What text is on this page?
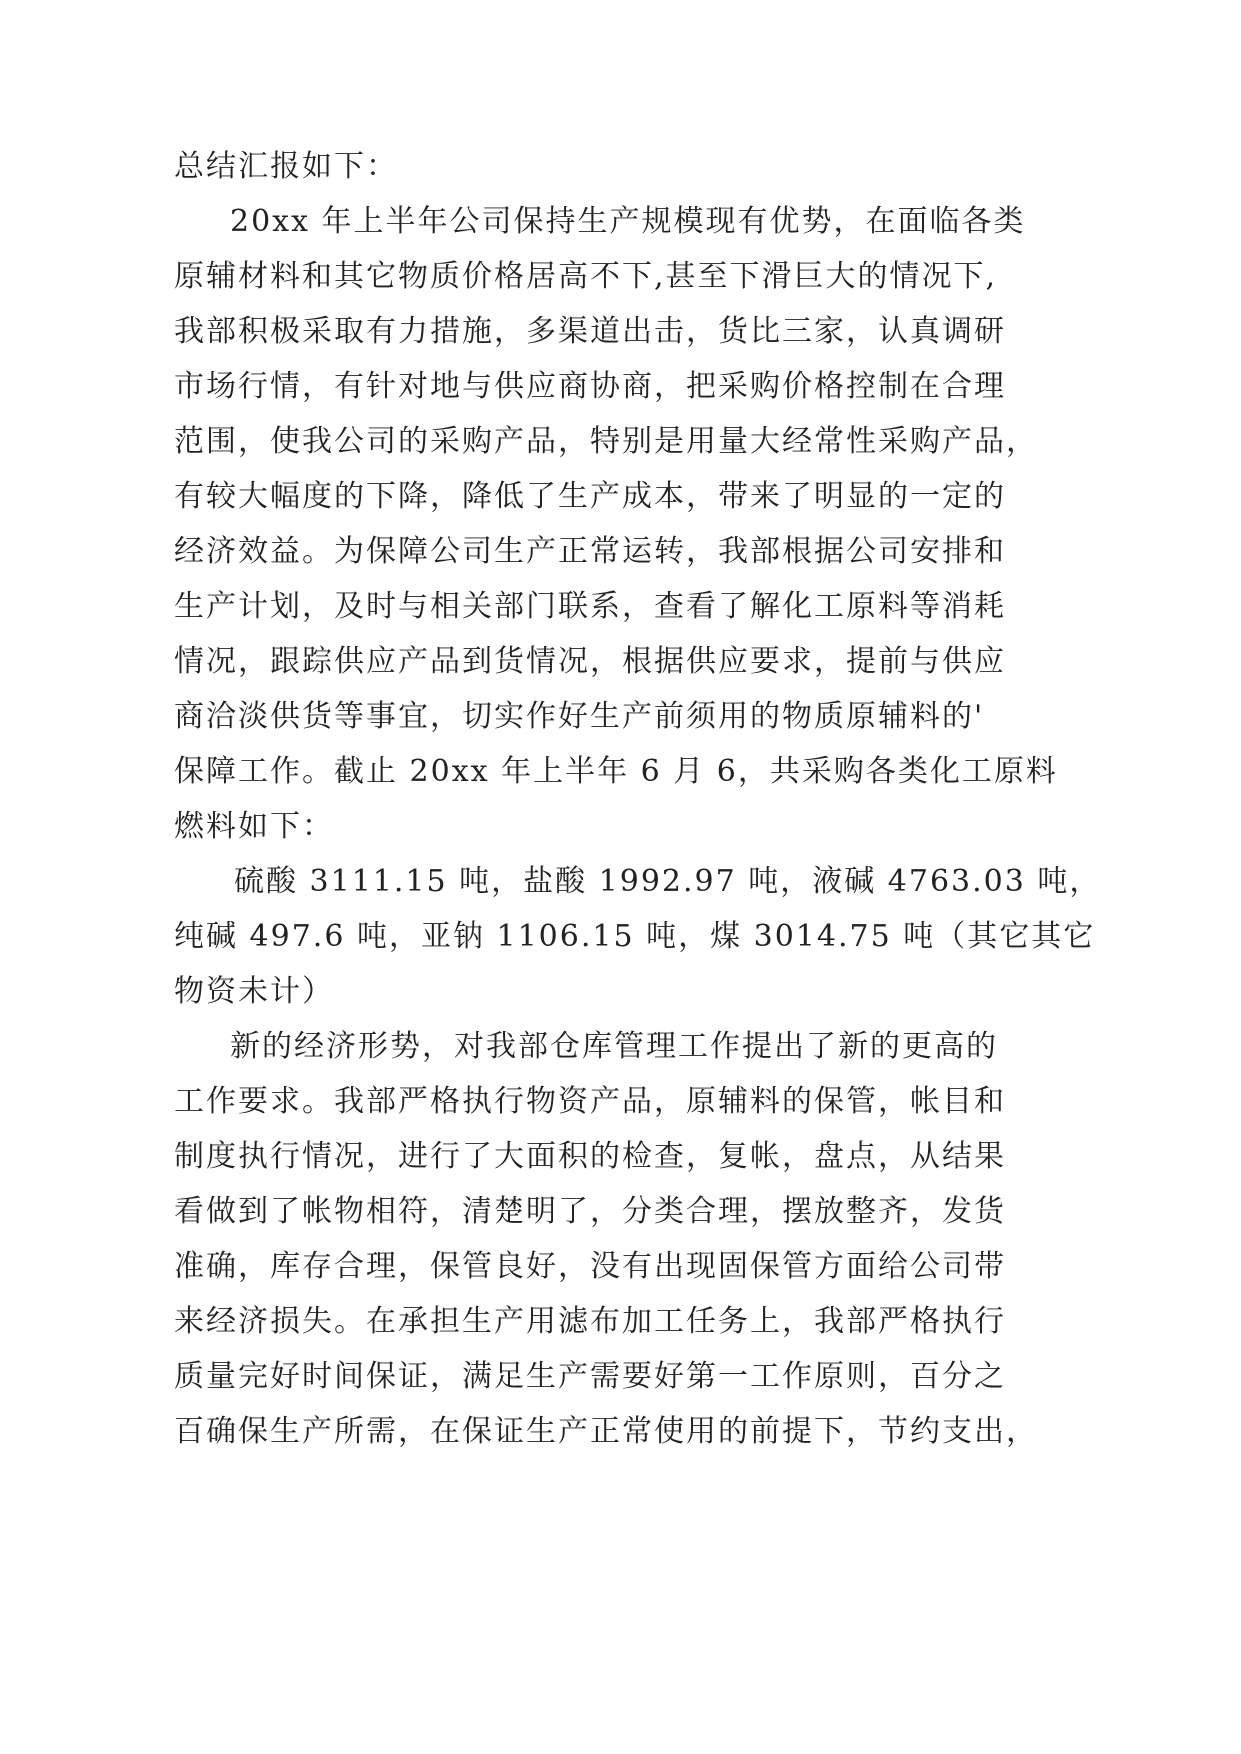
总结汇报如下：
20xx 年上半年公司保持生产规模现有优势，在面临各类
原辅材料和其它物质价格居高不下,甚至下滑巨大的情况下,
我部积极采取有力措施，多渠道出击，货比三家，认真调研
市场行情，有针对地与供应商协商，把采购价格控制在合理
范围，使我公司的采购产品，特别是用量大经常性采购产品，
有较大幅度的下降，降低了生产成本，带来了明显的一定的
经济效益。为保障公司生产正常运转，我部根据公司安排和
生产计划，及时与相关部门联系，查看了解化工原料等消耗
情况，跟踪供应产品到货情况，根据供应要求，提前与供应
商洽淡供货等事宜，切实作好生产前须用的物质原辅料的'
保障工作。截止 20xx 年上半年 6 月 6，共采购各类化工原料
燃料如下：
硫酸 3111.15 吨，盐酸 1992.97 吨，液碱 4763.03 吨，
纯碱 497.6 吨，亚钠 1106.15 吨，煤 3014.75 吨（其它其它
物资未计）
新的经济形势，对我部仓库管理工作提出了新的更高的
工作要求。我部严格执行物资产品，原辅料的保管，帐目和
制度执行情况，进行了大面积的检查，复帐，盘点，从结果
看做到了帐物相符，清楚明了，分类合理，摆放整齐，发货
准确，库存合理，保管良好，没有出现固保管方面给公司带
来经济损失。在承担生产用滤布加工任务上，我部严格执行
质量完好时间保证，满足生产需要好第一工作原则，百分之
百确保生产所需，在保证生产正常使用的前提下，节约支出，
